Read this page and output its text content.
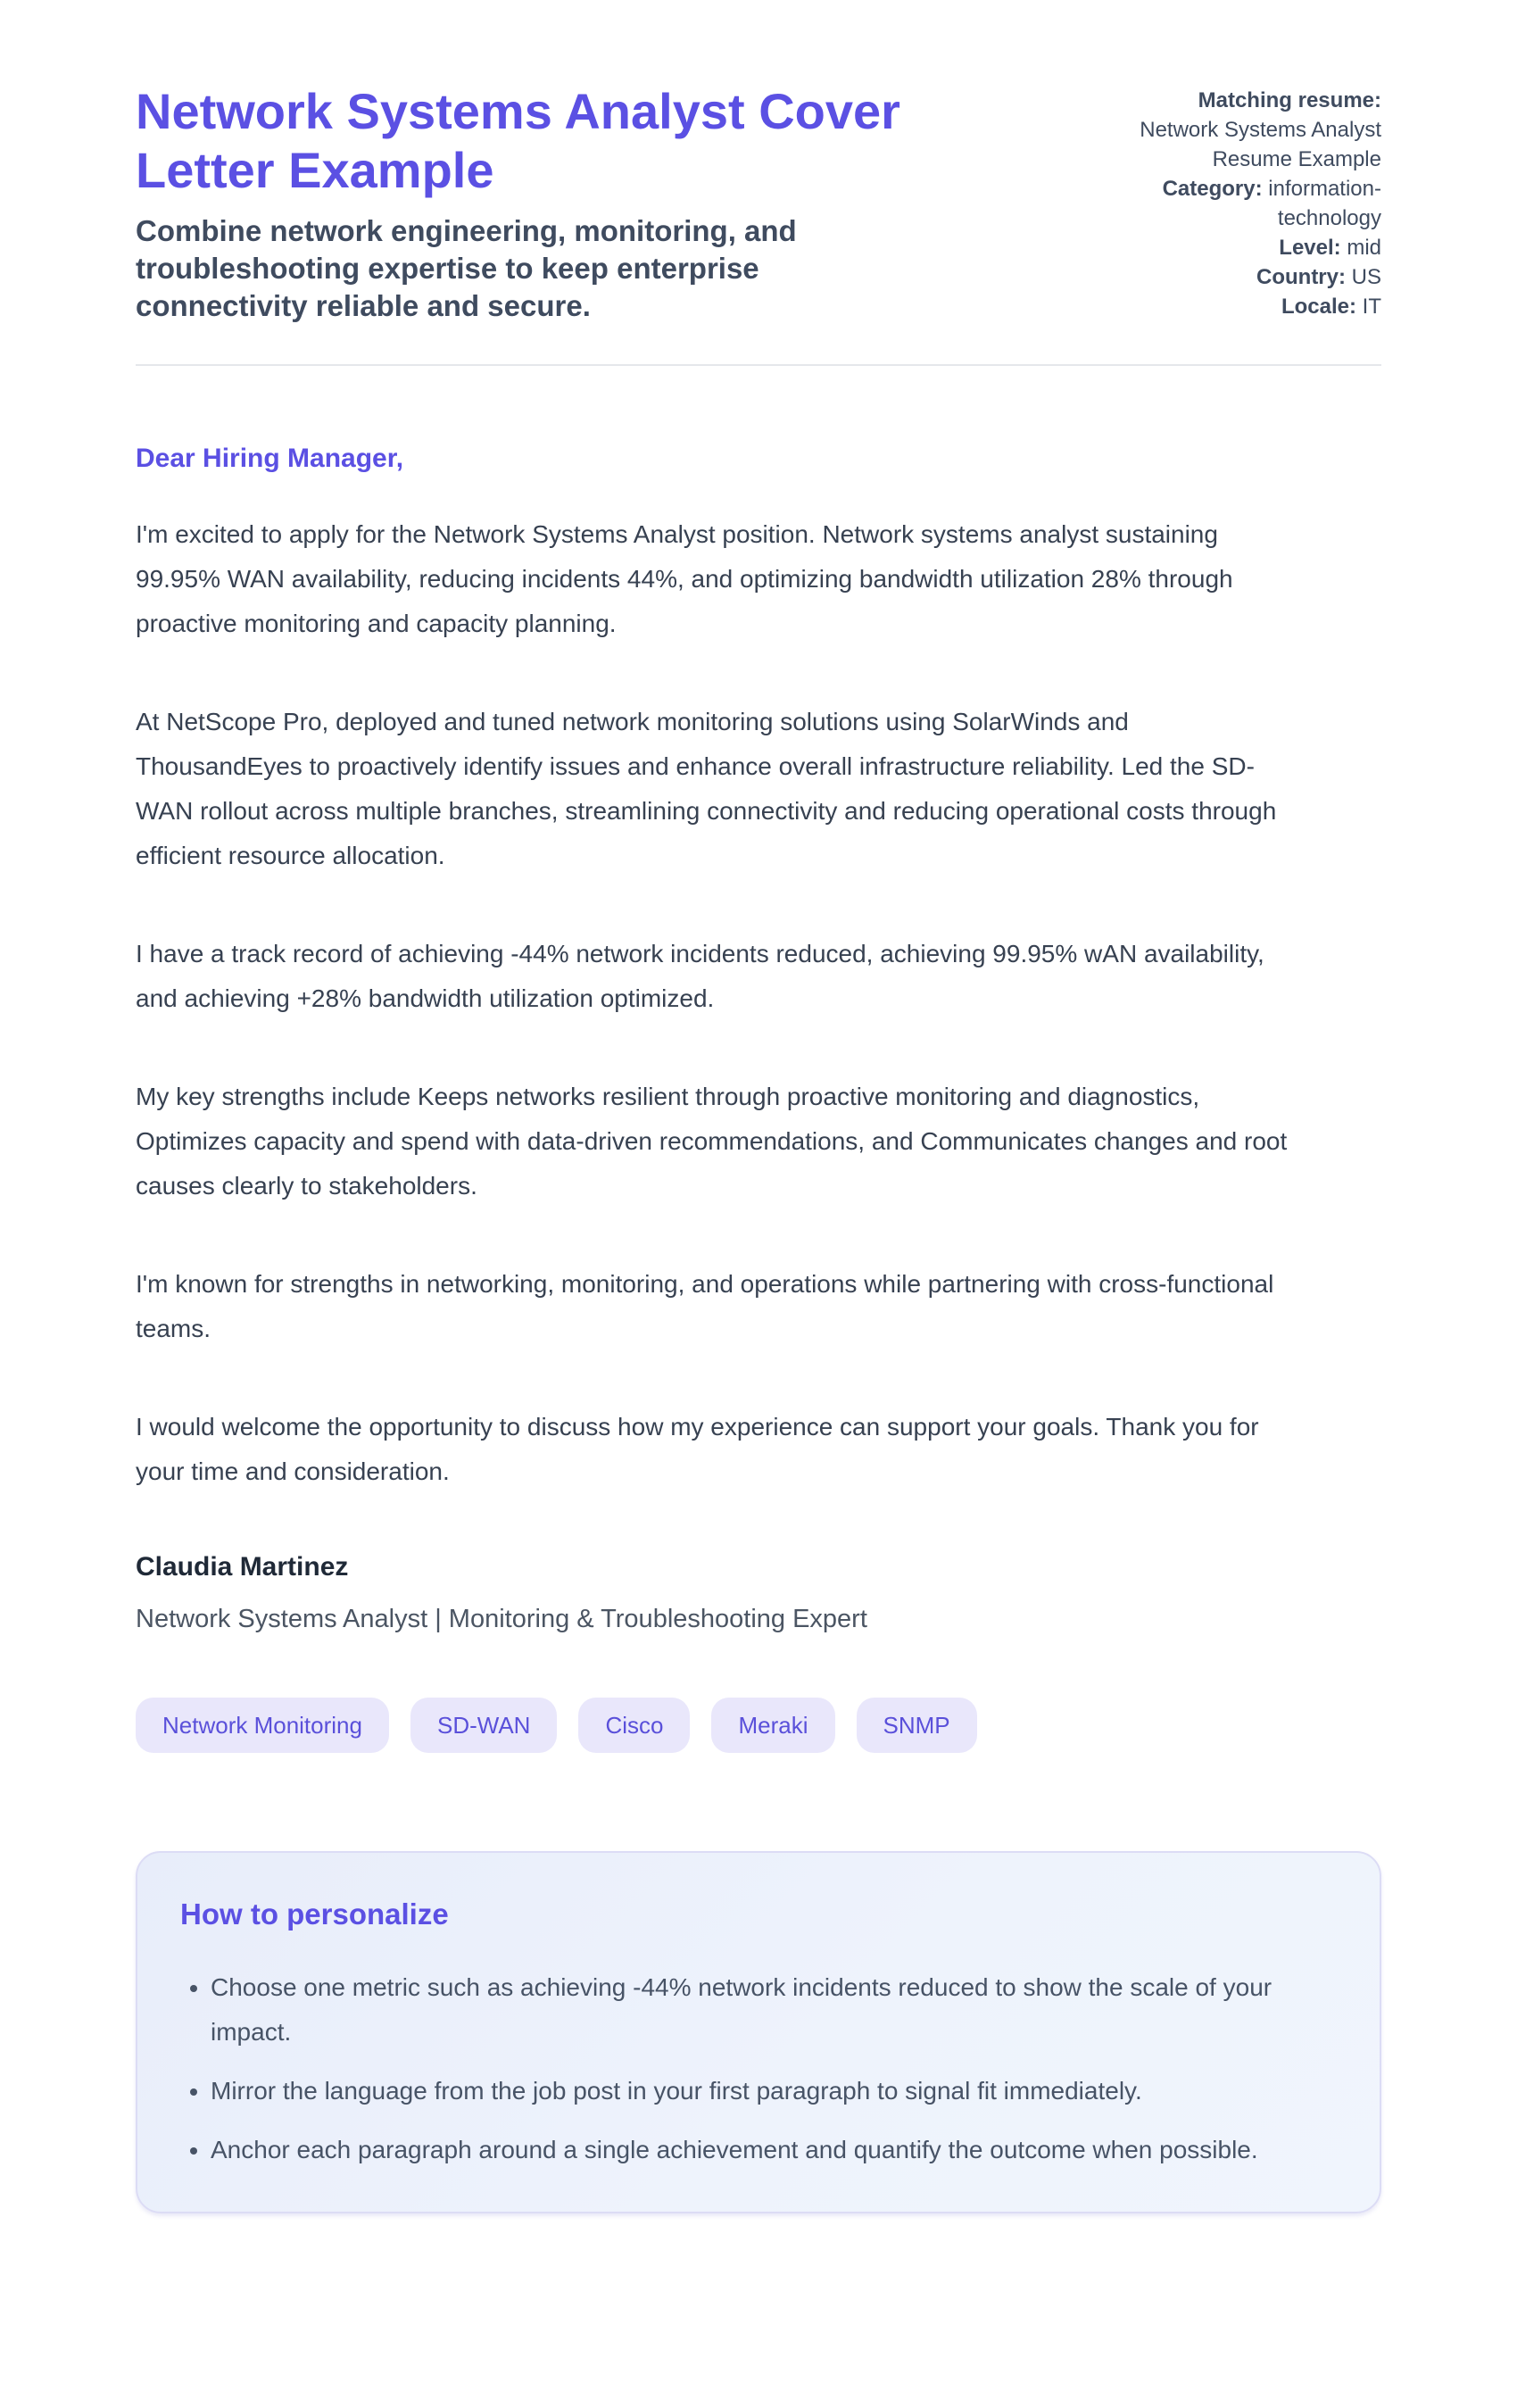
Network Systems Analyst Cover Letter Example

Combine network engineering, monitoring, and troubleshooting expertise to keep enterprise connectivity reliable and secure.

Matching resume: Network Systems Analyst Resume Example
Category: information-technology
Level: mid
Country: US
Locale: IT

Dear Hiring Manager,

I'm excited to apply for the Network Systems Analyst position. Network systems analyst sustaining 99.95% WAN availability, reducing incidents 44%, and optimizing bandwidth utilization 28% through proactive monitoring and capacity planning.

At NetScope Pro, deployed and tuned network monitoring solutions using SolarWinds and ThousandEyes to proactively identify issues and enhance overall infrastructure reliability. Led the SD-WAN rollout across multiple branches, streamlining connectivity and reducing operational costs through efficient resource allocation.

I have a track record of achieving -44% network incidents reduced, achieving 99.95% wAN availability, and achieving +28% bandwidth utilization optimized.

My key strengths include Keeps networks resilient through proactive monitoring and diagnostics, Optimizes capacity and spend with data-driven recommendations, and Communicates changes and root causes clearly to stakeholders.

I'm known for strengths in networking, monitoring, and operations while partnering with cross-functional teams.

I would welcome the opportunity to discuss how my experience can support your goals. Thank you for your time and consideration.

Claudia Martinez

Network Systems Analyst | Monitoring & Troubleshooting Expert

Network Monitoring	SD-WAN	Cisco	Meraki	SNMP
How to personalize
• Choose one metric such as achieving -44% network incidents reduced to show the scale of your impact.
• Mirror the language from the job post in your first paragraph to signal fit immediately.
• Anchor each paragraph around a single achievement and quantify the outcome when possible.
